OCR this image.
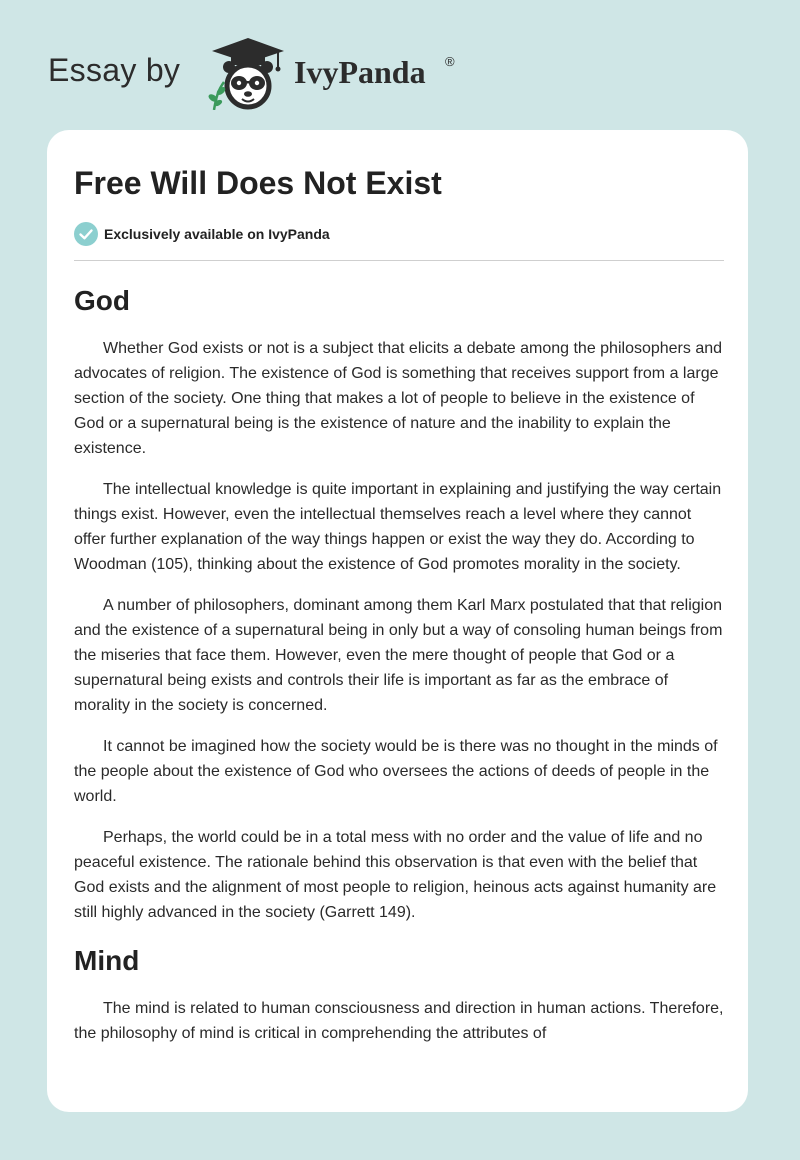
Essay by	IvyPanda ®
Free Will Does Not Exist
Exclusively available on IvyPanda
God

Whether God exists or not is a subject that elicits a debate among the philosophers and advocates of religion. The existence of God is something that receives support from a large section of the society. One thing that makes a lot of people to believe in the existence of God or a supernatural being is the existence of nature and the inability to explain the existence.

The intellectual knowledge is quite important in explaining and justifying the way certain things exist. However, even the intellectual themselves reach a level where they cannot offer further explanation of the way things happen or exist the way they do. According to Woodman (105), thinking about the existence of God promotes morality in the society.

A number of philosophers, dominant among them Karl Marx postulated that that religion and the existence of a supernatural being in only but a way of consoling human beings from the miseries that face them. However, even the mere thought of people that God or a supernatural being exists and controls their life is important as far as the embrace of morality in the society is concerned.

It cannot be imagined how the society would be is there was no thought in the minds of the people about the existence of God who oversees the actions of deeds of people in the world.

Perhaps, the world could be in a total mess with no order and the value of life and no peaceful existence. The rationale behind this observation is that even with the belief that God exists and the alignment of most people to religion, heinous acts against humanity are still highly advanced in the society (Garrett 149).

Mind

The mind is related to human consciousness and direction in human actions. Therefore, the philosophy of mind is critical in comprehending the attributes of
